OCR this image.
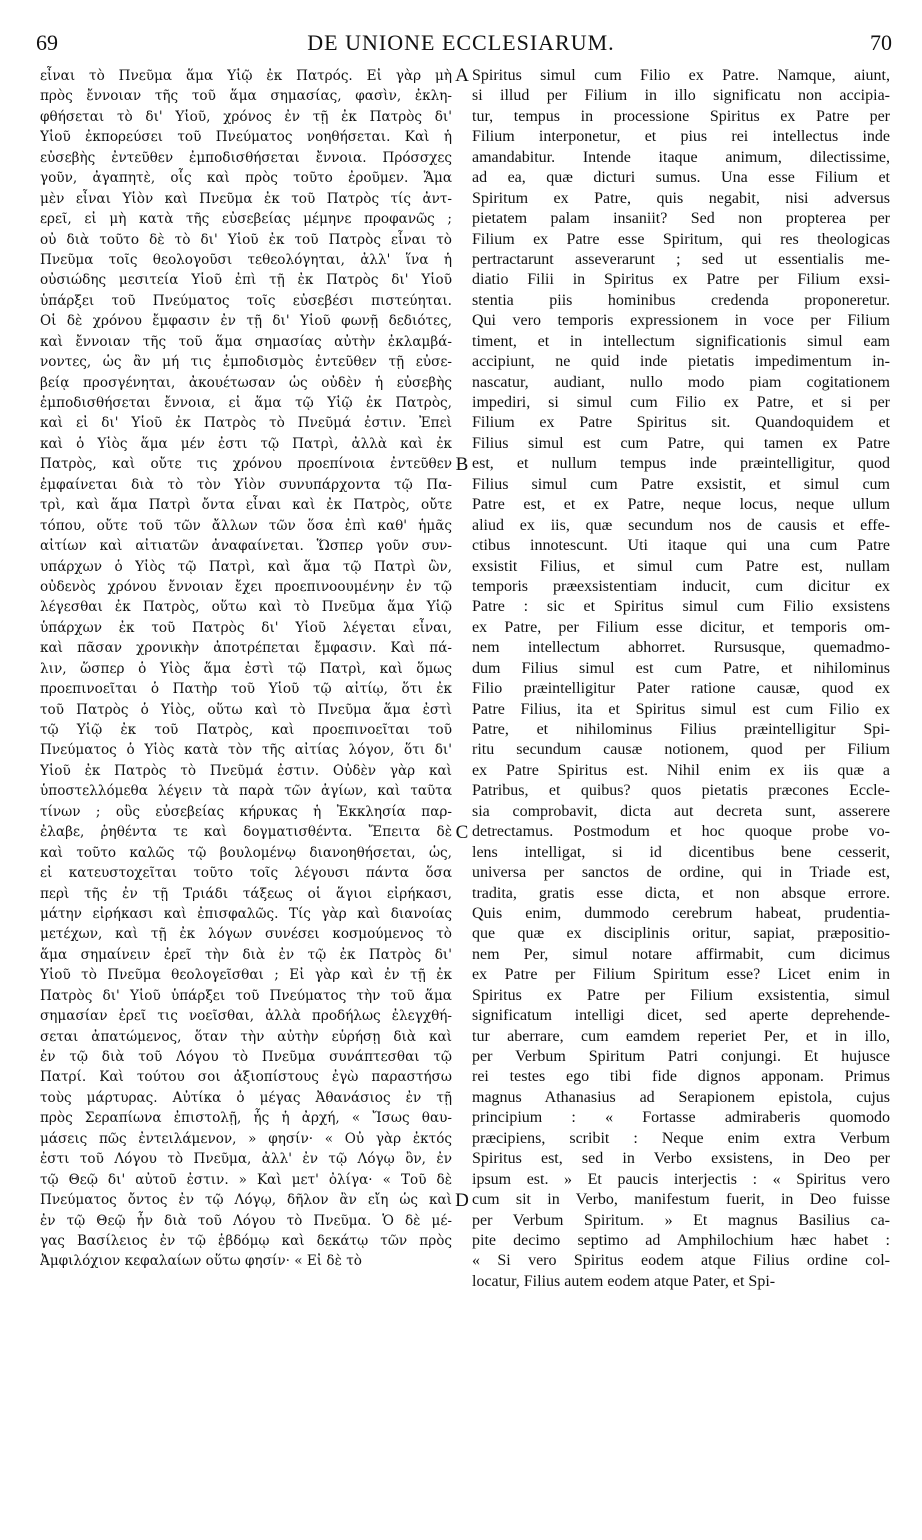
69	DE UNIONE ECCLESIARUM.	70
εἶναι τὸ Πνεῦμα ἅμα Υἱῷ ἐκ Πατρός. Εἰ γὰρ μὴ
πρὸς ἔννοιαν τῆς τοῦ ἅμα σημασίας, φασὶν, ἐκλη-
φθήσεται τὸ δι' Υἱοῦ, χρόνος ἐν τῇ ἐκ Πατρὸς δι'
Υἱοῦ ἐκπορεύσει τοῦ Πνεύματος νοηθήσεται. Καὶ ἡ
εὐσεβὴς ἐντεῦθεν ἐμποδισθήσεται ἔννοια. Πρόσσχες
γοῦν, ἀγαπητὲ, οἷς καὶ πρὸς τοῦτο ἐροῦμεν. Ἅμα
μὲν εἶναι Υἱὸν καὶ Πνεῦμα ἐκ τοῦ Πατρὸς τίς ἀντ-
ερεῖ, εἰ μὴ κατὰ τῆς εὐσεβείας μέμηνε προφανῶς ;
οὐ διὰ τοῦτο δὲ τὸ δι' Υἱοῦ ἐκ τοῦ Πατρὸς εἶναι τὸ
Πνεῦμα τοῖς θεολογοῦσι τεθεολόγηται, ἀλλ' ἵνα ἡ
οὐσιώδης μεσιτεία Υἱοῦ ἐπὶ τῇ ἐκ Πατρὸς δι' Υἱοῦ
ὑπάρξει τοῦ Πνεύματος τοῖς εὐσεβέσι πιστεύηται.
Οἱ δὲ χρόνου ἔμφασιν ἐν τῇ δι' Υἱοῦ φωνῇ δεδιότες,
καὶ ἔννοιαν τῆς τοῦ ἅμα σημασίας αὐτὴν ἐκλαμβά-
νοντες, ὡς ἂν μή τις ἐμποδισμὸς ἐντεῦθεν τῇ εὐσε-
βείᾳ προσγένηται, ἀκουέτωσαν ὡς οὐδὲν ἡ εὐσεβὴς
ἐμποδισθήσεται ἔννοια, εἰ ἅμα τῷ Υἱῷ ἐκ Πατρὸς,
καὶ εἰ δι' Υἱοῦ ἐκ Πατρὸς τὸ Πνεῦμά ἐστιν. Ἐπεὶ
καὶ ὁ Υἱὸς ἅμα μέν ἐστι τῷ Πατρὶ, ἀλλὰ καὶ ἐκ
Πατρὸς, καὶ οὔτε τις χρόνου προεπίνοια ἐντεῦθεν
ἐμφαίνεται διὰ τὸ τὸν Υἱὸν συνυπάρχοντα τῷ Πα-
τρὶ, καὶ ἅμα Πατρὶ ὄντα εἶναι καὶ ἐκ Πατρὸς, οὔτε
τόπου, οὔτε τοῦ τῶν ἄλλων τῶν ὅσα ἐπὶ καθ' ἡμᾶς
αἰτίων καὶ αἰτιατῶν ἀναφαίνεται. Ὥσπερ γοῦν συν-
υπάρχων ὁ Υἱὸς τῷ Πατρὶ, καὶ ἅμα τῷ Πατρὶ ὢν,
οὐδενὸς χρόνου ἔννοιαν ἔχει προεπινοουμένην ἐν τῷ
λέγεσθαι ἐκ Πατρὸς, οὕτω καὶ τὸ Πνεῦμα ἅμα Υἱῷ
ὑπάρχων ἐκ τοῦ Πατρὸς δι' Υἱοῦ λέγεται εἶναι,
καὶ πᾶσαν χρονικὴν ἀποτρέπεται ἔμφασιν. Καὶ πά-
λιν, ὥσπερ ὁ Υἱὸς ἅμα ἐστὶ τῷ Πατρὶ, καὶ ὅμως
προεπινοεῖται ὁ Πατὴρ τοῦ Υἱοῦ τῷ αἰτίῳ, ὅτι ἐκ
τοῦ Πατρὸς ὁ Υἱὸς, οὕτω καὶ τὸ Πνεῦμα ἅμα ἐστὶ
τῷ Υἱῷ ἐκ τοῦ Πατρὸς, καὶ προεπινοεῖται τοῦ
Πνεύματος ὁ Υἱὸς κατὰ τὸν τῆς αἰτίας λόγον, ὅτι δι'
Υἱοῦ ἐκ Πατρὸς τὸ Πνεῦμά ἐστιν. Οὐδὲν γὰρ καὶ
ὑποστελλόμεθα λέγειν τὰ παρὰ τῶν ἁγίων, καὶ ταῦτα
τίνων ; οὓς εὐσεβείας κήρυκας ἡ Ἐκκλησία παρ-
ἐλαβε, ῥηθέντα τε καὶ δογματισθέντα. Ἔπειτα δὲ
καὶ τοῦτο καλῶς τῷ βουλομένῳ διανοηθήσεται, ὡς,
εἰ κατευστοχεῖται τοῦτο τοῖς λέγουσι πάντα ὅσα
περὶ τῆς ἐν τῇ Τριάδι τάξεως οἱ ἅγιοι εἰρήκασι,
μάτην εἰρήκασι καὶ ἐπισφαλῶς. Τίς γὰρ καὶ διανοίας
μετέχων, καὶ τῇ ἐκ λόγων συνέσει κοσμούμενος τὸ
ἅμα σημαίνειν ἐρεῖ τὴν διὰ ἐν τῷ ἐκ Πατρὸς δι'
Υἱοῦ τὸ Πνεῦμα θεολογεῖσθαι ; Εἰ γὰρ καὶ ἐν τῇ ἐκ
Πατρὸς δι' Υἱοῦ ὑπάρξει τοῦ Πνεύματος τὴν τοῦ ἅμα
σημασίαν ἐρεῖ τις νοεῖσθαι, ἀλλὰ προδήλως ἐλεγχθή-
σεται ἀπατώμενος, ὅταν τὴν αὐτὴν εὑρήσῃ διὰ καὶ
ἐν τῷ διὰ τοῦ Λόγου τὸ Πνεῦμα συνάπτεσθαι τῷ
Πατρί. Καὶ τούτου σοι ἀξιοπίστους ἐγὼ παραστήσω
τοὺς μάρτυρας. Αὐτίκα ὁ μέγας Ἀθανάσιος ἐν τῇ
πρὸς Σεραπίωνα ἐπιστολῇ, ἧς ἡ ἀρχή, « Ἴσως θαυ-
μάσεις πῶς ἐντειλάμενον, » φησίν· « Οὐ γὰρ ἐκτός
ἐστι τοῦ Λόγου τὸ Πνεῦμα, ἀλλ' ἐν τῷ Λόγῳ ὂν, ἐν
τῷ Θεῷ δι' αὐτοῦ ἐστιν. » Καὶ μετ' ὀλίγα· « Τοῦ δὲ
Πνεύματος ὄντος ἐν τῷ Λόγῳ, δῆλον ἂν εἴη ὡς καὶ
ἐν τῷ Θεῷ ἦν διὰ τοῦ Λόγου τὸ Πνεῦμα. Ὁ δὲ μέ-
γας Βασίλειος ἐν τῷ ἑβδόμῳ καὶ δεκάτῳ τῶν πρὸς
Ἀμφιλόχιον κεφαλαίων οὕτω φησίν· « Εἰ δὲ τὸ
A
B
C
D
Spiritus simul cum Filio ex Patre. Namque, aiunt,
si illud per Filium in illo significatu non accipia-
tur, tempus in processione Spiritus ex Patre per
Filium interponetur, et pius rei intellectus inde
amandabitur. Intende itaque animum, dilectissime,
ad ea, quæ dicturi sumus. Una esse Filium et
Spiritum ex Patre, quis negabit, nisi adversus
pietatem palam insaniit? Sed non propterea per
Filium ex Patre esse Spiritum, qui res theologicas
pertractarunt asseverarunt ; sed ut essentialis me-
diatio Filii in Spiritus ex Patre per Filium exsi-
stentia piis hominibus credenda proponeretur.
Qui vero temporis expressionem in voce per Filium
timent, et in intellectum significationis simul eam
accipiunt, ne quid inde pietatis impedimentum in-
nascatur, audiant, nullo modo piam cogitationem
impediri, si simul cum Filio ex Patre, et si per
Filium ex Patre Spiritus sit. Quandoquidem et
Filius simul est cum Patre, qui tamen ex Patre
est, et nullum tempus inde præintelligitur, quod
Filius simul cum Patre exsistit, et simul cum
Patre est, et ex Patre, neque locus, neque ullum
aliud ex iis, quæ secundum nos de causis et effe-
ctibus innotescunt. Uti itaque qui una cum Patre
exsistit Filius, et simul cum Patre est, nullam
temporis præexsistentiam inducit, cum dicitur ex
Patre : sic et Spiritus simul cum Filio exsistens
ex Patre, per Filium esse dicitur, et temporis om-
nem intellectum abhorret. Rursusque, quemadmo-
dum Filius simul est cum Patre, et nihilominus
Filio præintelligitur Pater ratione causæ, quod ex
Patre Filius, ita et Spiritus simul est cum Filio ex
Patre, et nihilominus Filius præintelligitur Spi-
ritu secundum causæ notionem, quod per Filium
ex Patre Spiritus est. Nihil enim ex iis quæ a
Patribus, et quibus? quos pietatis præcones Eccle-
sia comprobavit, dicta aut decreta sunt, asserere
detrectamus. Postmodum et hoc quoque probe vo-
lens intelligat, si id dicentibus bene cesserit,
universa per sanctos de ordine, qui in Triade est,
tradita, gratis esse dicta, et non absque errore.
Quis enim, dummodo cerebrum habeat, prudentia-
que quæ ex disciplinis oritur, sapiat, præpositio-
nem Per, simul notare affirmabit, cum dicimus
ex Patre per Filium Spiritum esse? Licet enim in
Spiritus ex Patre per Filium exsistentia, simul
significatum intelligi dicet, sed aperte deprehende-
tur aberrare, cum eamdem reperiet Per, et in illo,
per Verbum Spiritum Patri conjungi. Et hujusce
rei testes ego tibi fide dignos apponam. Primus
magnus Athanasius ad Serapionem epistola, cujus
principium : « Fortasse admiraberis quomodo
præcipiens, scribit : Neque enim extra Verbum
Spiritus est, sed in Verbo exsistens, in Deo per
ipsum est. » Et paucis interjectis : « Spiritus vero
cum sit in Verbo, manifestum fuerit, in Deo fuisse
per Verbum Spiritum. » Et magnus Basilius ca-
pite decimo septimo ad Amphilochium hæc habet :
« Si vero Spiritus eodem atque Filius ordine col-
locatur, Filius autem eodem atque Pater, et Spi-
